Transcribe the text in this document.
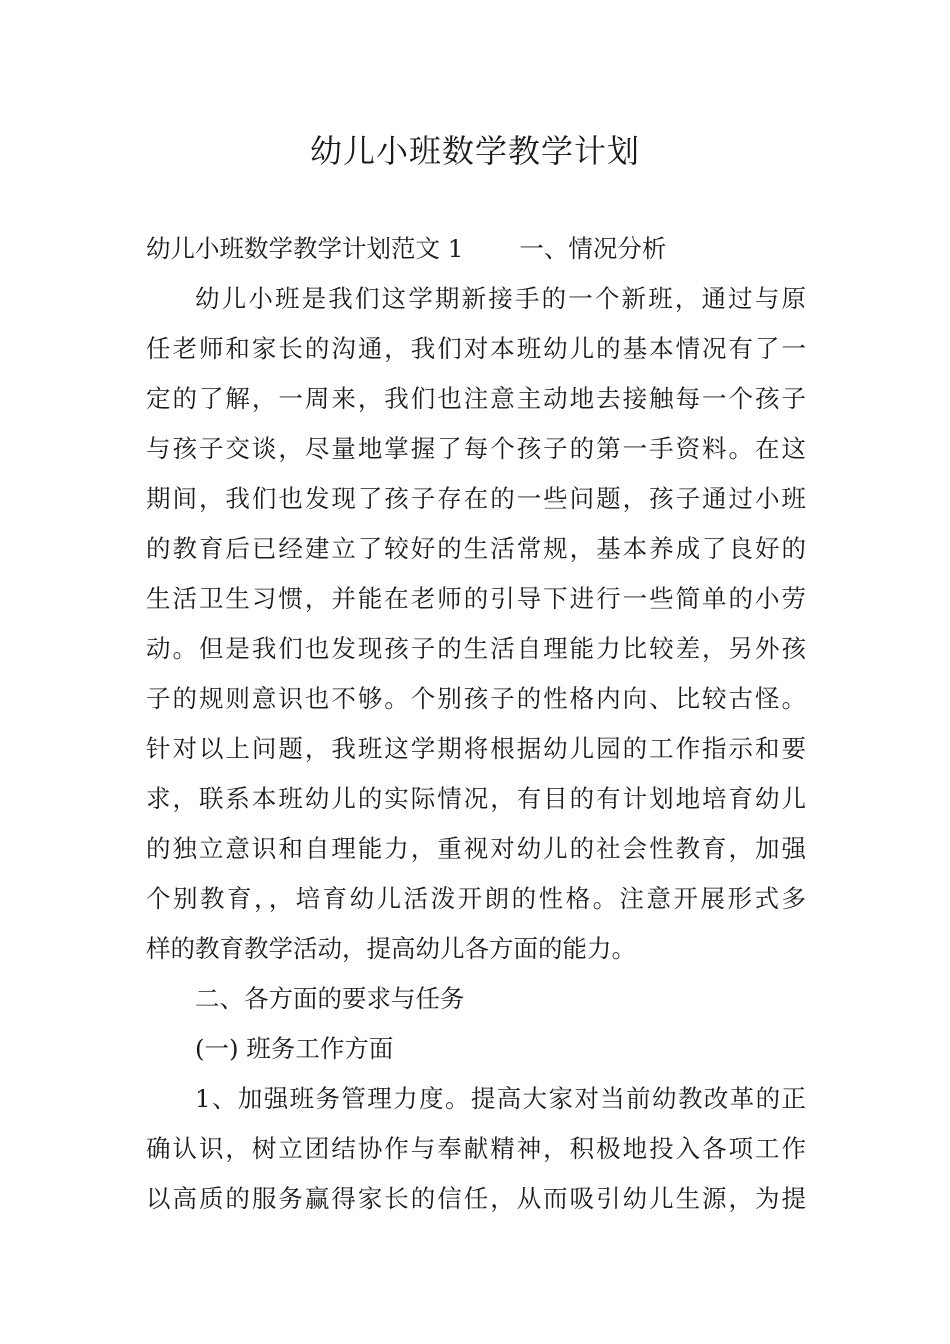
幼儿小班数学教学计划
幼儿小班数学教学计划范文 1 一、情况分析
幼儿小班是我们这学期新接手的一个新班，通过与原
任老师和家长的沟通，我们对本班幼儿的基本情况有了一
定的了解，一周来，我们也注意主动地去接触每一个孩子
与孩子交谈，尽量地掌握了每个孩子的第一手资料。在这
期间，我们也发现了孩子存在的一些问题，孩子通过小班
的教育后已经建立了较好的生活常规，基本养成了良好的
生活卫生习惯，并能在老师的引导下进行一些简单的小劳
动。但是我们也发现孩子的生活自理能力比较差，另外孩
子的规则意识也不够。个别孩子的性格内向、比较古怪。
针对以上问题，我班这学期将根据幼儿园的工作指示和要
求，联系本班幼儿的实际情况，有目的有计划地培育幼儿
的独立意识和自理能力，重视对幼儿的社会性教育，加强
个别教育，，培育幼儿活泼开朗的性格。注意开展形式多
样的教育教学活动，提高幼儿各方面的能力。
二、各方面的要求与任务
(一) 班务工作方面
1、加强班务管理力度。提高大家对当前幼教改革的正
确认识，树立团结协作与奉献精神，积极地投入各项工作
以高质的服务赢得家长的信任，从而吸引幼儿生源，为提
